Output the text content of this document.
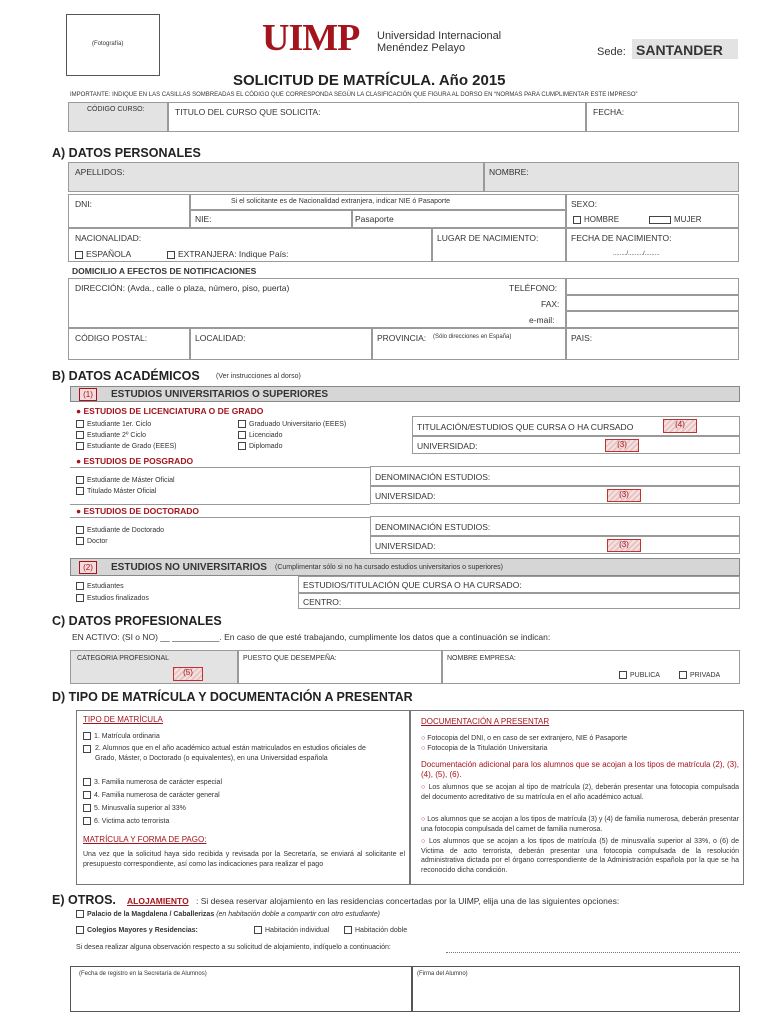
(Fotografía)	UIMP Universidad Internacional
Menéndez Pelayo	Sede: SANTANDER
SOLICITUD DE MATRÍCULA. Año 2015
IMPORTANTE: INDIQUE EN LAS CASILLAS SOMBREADAS EL CÓDIGO QUE CORRESPONDA SEGÚN LA CLASIFICACIÓN QUE FIGURA AL DORSO EN “NORMAS PARA CUMPLIMENTAR ESTE IMPRESO”
CÓDIGO CURSO:	TITULO DEL CURSO QUE SOLICITA:	FECHA:
A) DATOS PERSONALES
APELLIDOS:	NOMBRE:
DNI:	Si el solicitante es de Nacionalidad extranjera, indicar NIE ó Pasaporte
NIE:	Pasaporte
SEXO:
HOMBRE	MUJER
NACIONALIDAD:
ESPAÑOLA	EXTRANJERA: Indique País:
LUGAR DE NACIMIENTO:	FECHA DE NACIMIENTO:
......../........./.........
DOMICILIO A EFECTOS DE NOTIFICACIONES
DIRECCIÓN: (Avda., calle o plaza, número, piso, puerta)	TELÉFONO:
FAX:
e-mail:
CÓDIGO POSTAL:	LOCALIDAD:	PROVINCIA: (Sólo direcciones en España)	PAIS:
B) DATOS ACADÉMICOS (Ver instrucciones al dorso)
(1)	ESTUDIOS UNIVERSITARIOS O SUPERIORES
● ESTUDIOS DE LICENCIATURA O DE GRADO
Estudiante 1er. Ciclo
Estudiante 2º Ciclo
Estudiante de Grado (EEES)
Graduado Universitario (EEES)
Licenciado
Diplomado
TITULACIÓN/ESTUDIOS QUE CURSA O HA CURSADO	(4)
UNIVERSIDAD:	(3)
● ESTUDIOS DE POSGRADO
Estudiante de Máster Oficial
Titulado Máster Oficial
DENOMINACIÓN ESTUDIOS:
UNIVERSIDAD:	(3)
● ESTUDIOS DE DOCTORADO
Estudiante de Doctorado
Doctor
DENOMINACIÓN ESTUDIOS:
UNIVERSIDAD:	(3)
(2)	ESTUDIOS NO UNIVERSITARIOS (Cumplimentar sólo si no ha cursado estudios universitarios o superiores)
Estudiantes
Estudios finalizados
ESTUDIOS/TITULACIÓN QUE CURSA O HA CURSADO:
CENTRO:
C) DATOS PROFESIONALES
EN ACTIVO: (SI o NO) __ __________. En caso de que esté trabajando, cumplimente los datos que a continuación se indican:
CATEGORIA PROFESIONAL
(5)
PUESTO QUE DESEMPEÑA:	NOMBRE EMPRESA:
PUBLICA	PRIVADA
D) TIPO DE MATRÍCULA Y DOCUMENTACIÓN A PRESENTAR
TIPO DE MATRÍCULA
1. Matrícula ordinaria
2. Alumnos que en el año académico actual están matriculados en estudios oficiales de Grado, Máster, o Doctorado (o equivalentes), en una Universidad española
3. Familia numerosa de carácter especial
4. Familia numerosa de carácter general
5. Minusvalía superior al 33%
6. Victima acto terrorista
MATRÍCULA Y FORMA DE PAGO:
Una vez que la solicitud haya sido recibida y revisada por la Secretaría, se enviará al solicitante el presupuesto correspondiente, así como las indicaciones para realizar el pago
DOCUMENTACIÓN A PRESENTAR
○ Fotocopia del DNI, o en caso de ser extranjero, NIE ó Pasaporte
○ Fotocopia de la Titulación Universitaria
Documentación adicional para los alumnos que se acojan a los tipos de matrícula (2), (3), (4), (5), (6).
○ Los alumnos que se acojan al tipo de matrícula (2), deberán presentar una fotocopia compulsada del documento acreditativo de su matrícula en el año académico actual.
○ Los alumnos que se acojan a los tipos de matrícula (3) y (4) de familia numerosa, deberán presentar una fotocopia compulsada del carnet de familia numerosa.
○ Los alumnos que se acojan a los tipos de matrícula (5) de minusvalía superior al 33%, o (6) de Victima de acto terrorista, deberán presentar una fotocopia compulsada de la resolución administrativa dictada por el órgano correspondiente de la Administración española por la que se ha reconocido dicha condición.
E) OTROS. ALOJAMIENTO : Si desea reservar alojamiento en las residencias concertadas por la UIMP, elija una de las siguientes opciones:
Palacio de la Magdalena / Caballerizas (en habitación doble a compartir con otro estudiante)
Colegios Mayores y Residencias:	Habitación individual	Habitación doble
Si desea realizar alguna observación respecto a su solicitud de alojamiento, indíquelo a continuación:
(Fecha de registro en la Secretaría de Alumnos)	(Firma del Alumno)
